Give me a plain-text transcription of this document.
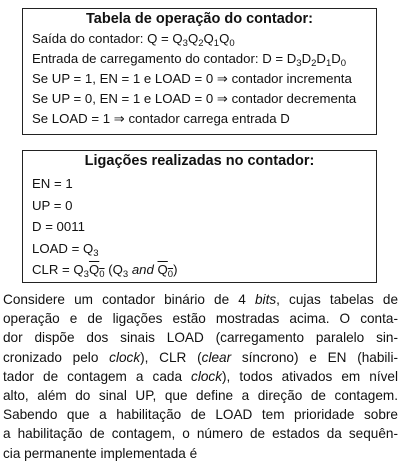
Tabela de operação do contador:
Saída do contador: $Q = Q_3Q_2Q_1Q_0$
Entrada de carregamento do contador: $D = D_3D_2D_1D_0$
Se UP = 1, EN = 1 e LOAD = 0 ⇒ contador incrementa
Se UP = 0, EN = 1 e LOAD = 0 ⇒ contador decrementa
Se LOAD = 1 ⇒ contador carrega entrada D
Ligações realizadas no contador:
EN = 1
UP = 0
D = 0011
LOAD = $Q_3$
CLR = $Q_3Q_0$ ($Q_3$ and $Q_0$)
Considere um contador binário de 4 bits, cujas tabelas de
operação e de ligações estão mostradas acima. O conta-
dor dispõe dos sinais LOAD (carregamento paralelo sin-
cronizado pelo clock), CLR (clear síncrono) e EN (habili-
tador de contagem a cada clock), todos ativados em nível
alto, além do sinal UP, que define a direção de contagem.
Sabendo que a habilitação de LOAD tem prioridade sobre
a habilitação de contagem, o número de estados da sequên-
cia permanente implementada é
